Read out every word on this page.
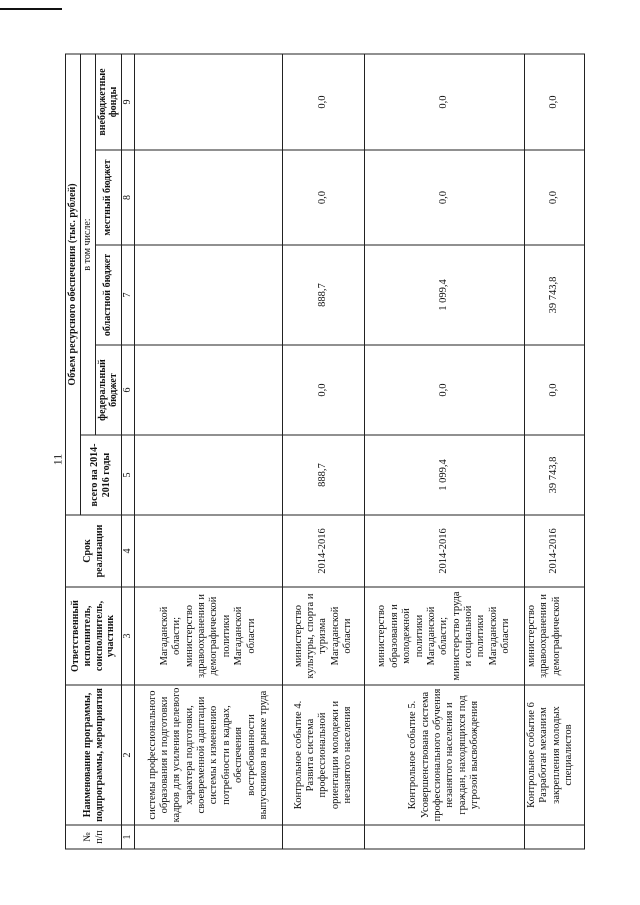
11
№ п/п	Наименование программы, подпрограммы, мероприятия	Ответственный исполнитель, соисполнитель, участник	Срок реализации	Объем ресурсного обеспечения (тыс. рублей)				
				всего на 2014-2016 годы	в том числе:			
					федеральный бюджет	областной бюджет	местный бюджет	внебюджетные фонды
1	2	3	4	5	6	7	8	9
	системы профессионального образования и подготовки кадров для усиления целевого характера подготовки, своевременной адаптации системы к изменению потребности в кадрах, обеспечения востребованности выпускников на рынке труда	Магаданской области; министерство здравоохранения и демографической политики Магаданской области						
	Контрольное событие 4. Развита система профессиональной ориентации молодежи и незанятого населения	министерство культуры, спорта и туризма Магаданской области	2014-2016	888,7	0,0	888,7	0,0	0,0
	Контрольное событие 5. Усовершенствована система профессионального обучения незанятого населения и граждан, находящихся под угрозой высвобождения	министерство образования и молодежной политики Магаданской области; министерство труда и социальной политики Магаданской области	2014-2016	1 099,4	0,0	1 099,4	0,0	0,0
	Контрольное событие 6 Разработан механизм закрепления молодых специалистов	министерство здравоохранения и демографической	2014-2016	39 743,8	0,0	39 743,8	0,0	0,0
